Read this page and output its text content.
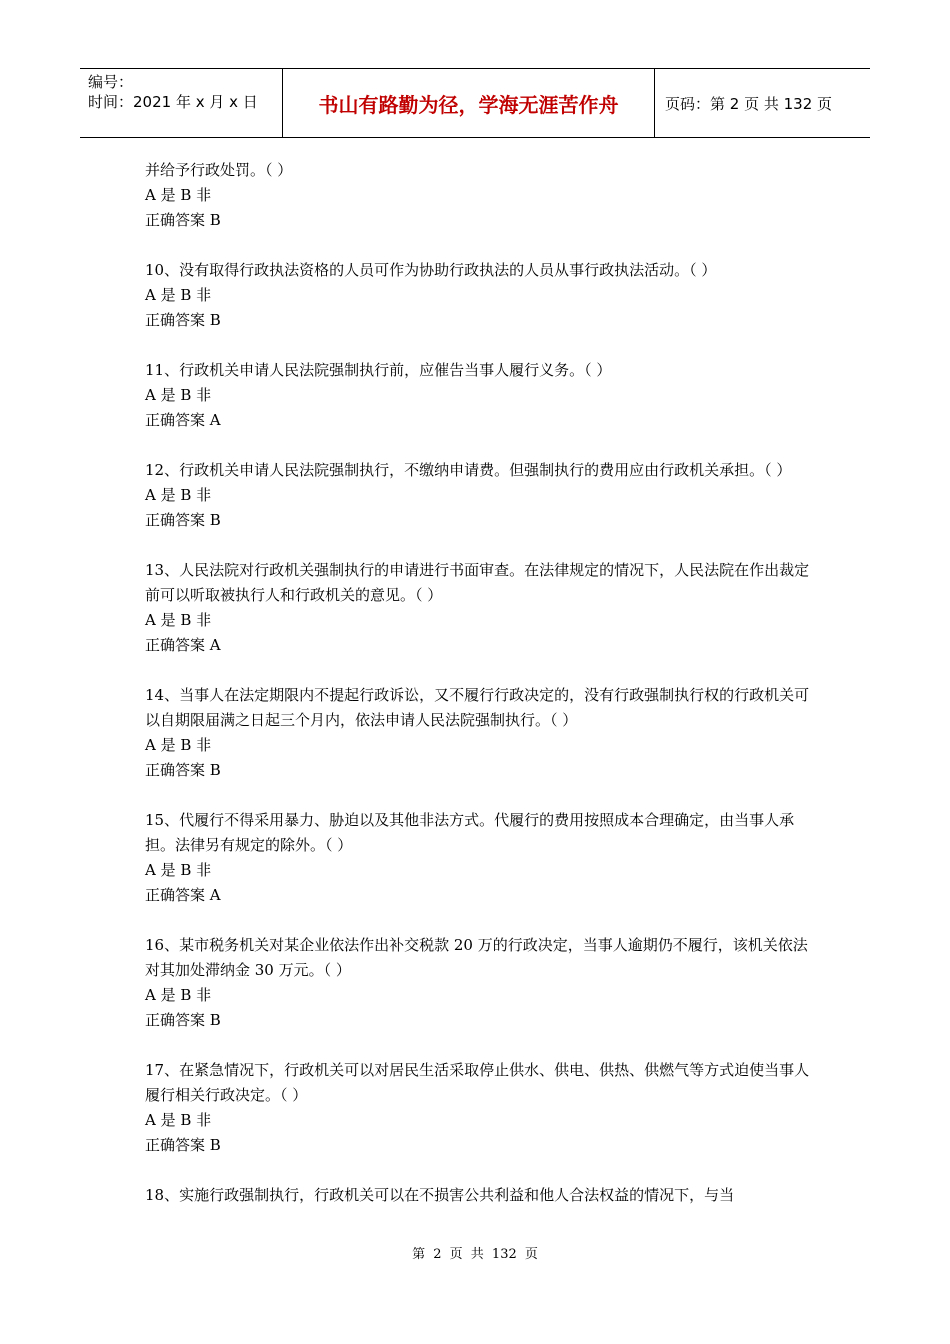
编号：
时间：2021 年 x 月 x 日	书山有路勤为径，学海无涯苦作舟	页码：第 2 页 共 132 页

并给予行政处罚。（ ）

A 是 B 非

正确答案 B

10、没有取得行政执法资格的人员可作为协助行政执法的人员从事行政执法活动。（ ）

A 是 B 非

正确答案 B

11、行政机关申请人民法院强制执行前，应催告当事人履行义务。（ ）

A 是 B 非

正确答案 A

12、行政机关申请人民法院强制执行，不缴纳申请费。但强制执行的费用应由行政机关承担。（ ）

A 是 B 非

正确答案 B

13、人民法院对行政机关强制执行的申请进行书面审查。在法律规定的情况下，人民法院在作出裁定前可以听取被执行人和行政机关的意见。（ ）

A 是 B 非

正确答案 A

14、当事人在法定期限内不提起行政诉讼，又不履行行政决定的，没有行政强制执行权的行政机关可以自期限届满之日起三个月内，依法申请人民法院强制执行。（ ）

A 是 B 非

正确答案 B

15、代履行不得采用暴力、胁迫以及其他非法方式。代履行的费用按照成本合理确定，由当事人承担。法律另有规定的除外。（ ）

A 是 B 非

正确答案 A

16、某市税务机关对某企业依法作出补交税款 20 万的行政决定，当事人逾期仍不履行，该机关依法对其加处滞纳金 30 万元。（ ）

A 是 B 非

正确答案 B

17、在紧急情况下，行政机关可以对居民生活采取停止供水、供电、供热、供燃气等方式迫使当事人履行相关行政决定。（ ）

A 是 B 非

正确答案 B

18、实施行政强制执行，行政机关可以在不损害公共利益和他人合法权益的情况下，与当

第 2 页 共 132 页
